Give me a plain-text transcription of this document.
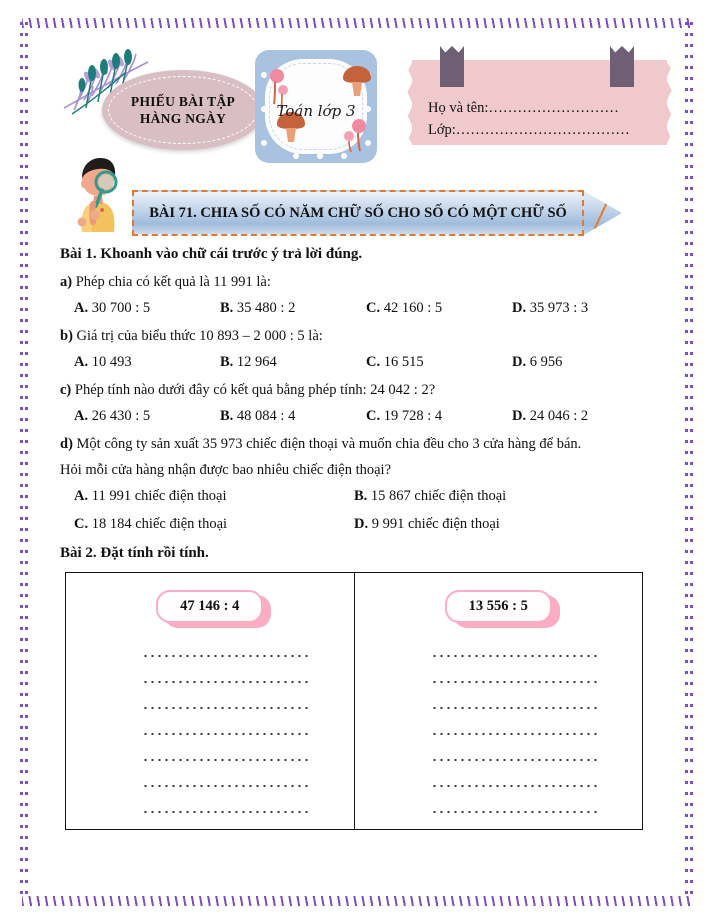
PHIẾU BÀI TẬP
HÀNG NGÀY	Toán lớp 3	Họ và tên:………………………
Lớp:………………………………
BÀI 71. CHIA SỐ CÓ NĂM CHỮ SỐ CHO SỐ CÓ MỘT CHỮ SỐ
Bài 1. Khoanh vào chữ cái trước ý trả lời đúng.
a) Phép chia có kết quả là 11 991 là:
A. 30 700 : 5	B. 35 480 : 2	C. 42 160 : 5	D. 35 973 : 3
b) Giá trị của biểu thức 10 893 – 2 000 : 5 là:
A. 10 493	B. 12 964	C. 16 515	D. 6 956
c) Phép tính nào dưới đây có kết quả bằng phép tính: 24 042 : 2?
A. 26 430 : 5	B. 48 084 : 4	C. 19 728 : 4	D. 24 046 : 2
d) Một công ty sản xuất 35 973 chiếc điện thoại và muốn chia đều cho 3 cửa hàng để bán.
Hỏi mỗi cửa hàng nhận được bao nhiêu chiếc điện thoại?
A. 11 991 chiếc điện thoại	B. 15 867 chiếc điện thoại
C. 18 184 chiếc điện thoại	D. 9 991 chiếc điện thoại
Bài 2. Đặt tính rồi tính.
47 146 : 4	13 556 : 5
